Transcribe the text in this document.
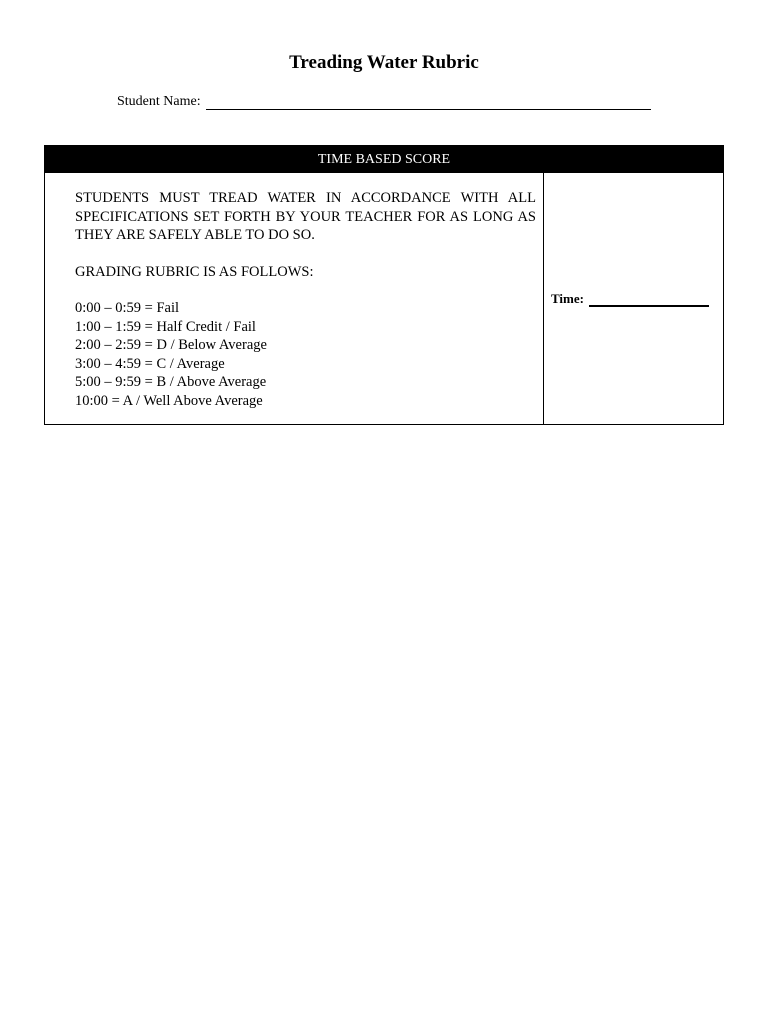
Treading Water Rubric
Student Name:
TIME BASED SCORE

STUDENTS MUST TREAD WATER IN ACCORDANCE WITH ALL SPECIFICATIONS SET FORTH BY YOUR TEACHER FOR AS LONG AS THEY ARE SAFELY ABLE TO DO SO.

GRADING RUBRIC IS AS FOLLOWS:

0:00 – 0:59 = Fail
1:00 – 1:59 = Half Credit / Fail
2:00 – 2:59 = D / Below Average
3:00 – 4:59 = C / Average
5:00 – 9:59 = B / Above Average
10:00 = A / Well Above Average
Time:
